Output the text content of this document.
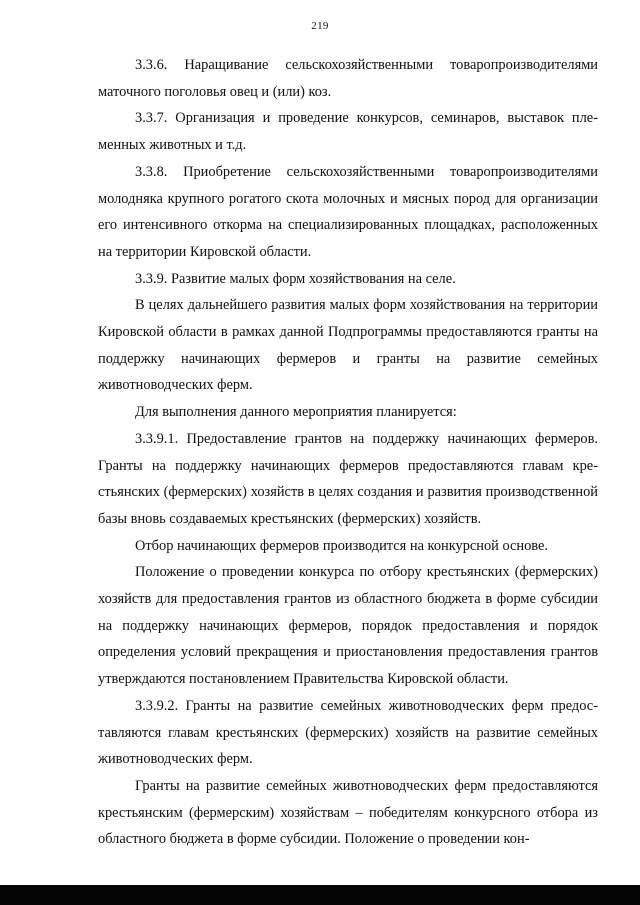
219

3.3.6. Наращивание сельскохозяйственными товаропроизводителями маточного поголовья овец и (или) коз.

3.3.7. Организация и проведение конкурсов, семинаров, выставок племенных животных и т.д.

3.3.8. Приобретение сельскохозяйственными товаропроизводителями молодняка крупного рогатого скота молочных и мясных пород для организации его интенсивного откорма на специализированных площадках, расположенных на территории Кировской области.

3.3.9. Развитие малых форм хозяйствования на селе.

В целях дальнейшего развития малых форм хозяйствования на территории Кировской области в рамках данной Подпрограммы предоставляются гранты на поддержку начинающих фермеров и гранты на развитие семейных животноводческих ферм.

Для выполнения данного мероприятия планируется:

3.3.9.1. Предоставление грантов на поддержку начинающих фермеров. Гранты на поддержку начинающих фермеров предоставляются главам крестьянских (фермерских) хозяйств в целях создания и развития производственной базы вновь создаваемых крестьянских (фермерских) хозяйств.

Отбор начинающих фермеров производится на конкурсной основе.

Положение о проведении конкурса по отбору крестьянских (фермерских) хозяйств для предоставления грантов из областного бюджета в форме субсидии на поддержку начинающих фермеров, порядок предоставления и порядок определения условий прекращения и приостановления предоставления грантов утверждаются постановлением Правительства Кировской области.

3.3.9.2. Гранты на развитие семейных животноводческих ферм предоставляются главам крестьянских (фермерских) хозяйств на развитие семейных животноводческих ферм.

Гранты на развитие семейных животноводческих ферм предоставляются крестьянским (фермерским) хозяйствам – победителям конкурсного отбора из областного бюджета в форме субсидии. Положение о проведении кон-
